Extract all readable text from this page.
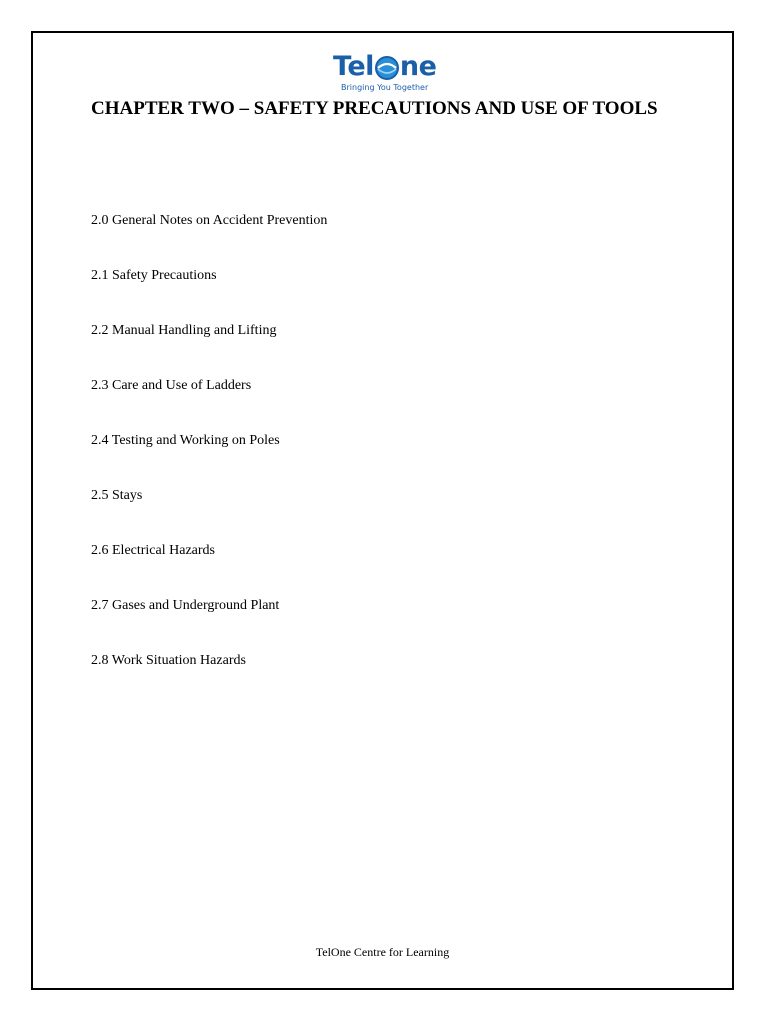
Tel ne
Bringing You Together
CHAPTER TWO – SAFETY PRECAUTIONS AND USE OF TOOLS
2.0 General Notes on Accident Prevention
2.1 Safety Precautions
2.2 Manual Handling and Lifting
2.3 Care and Use of Ladders
2.4 Testing and Working on Poles
2.5 Stays
2.6 Electrical Hazards
2.7 Gases and Underground Plant
2.8 Work Situation Hazards
TelOne Centre for Learning
